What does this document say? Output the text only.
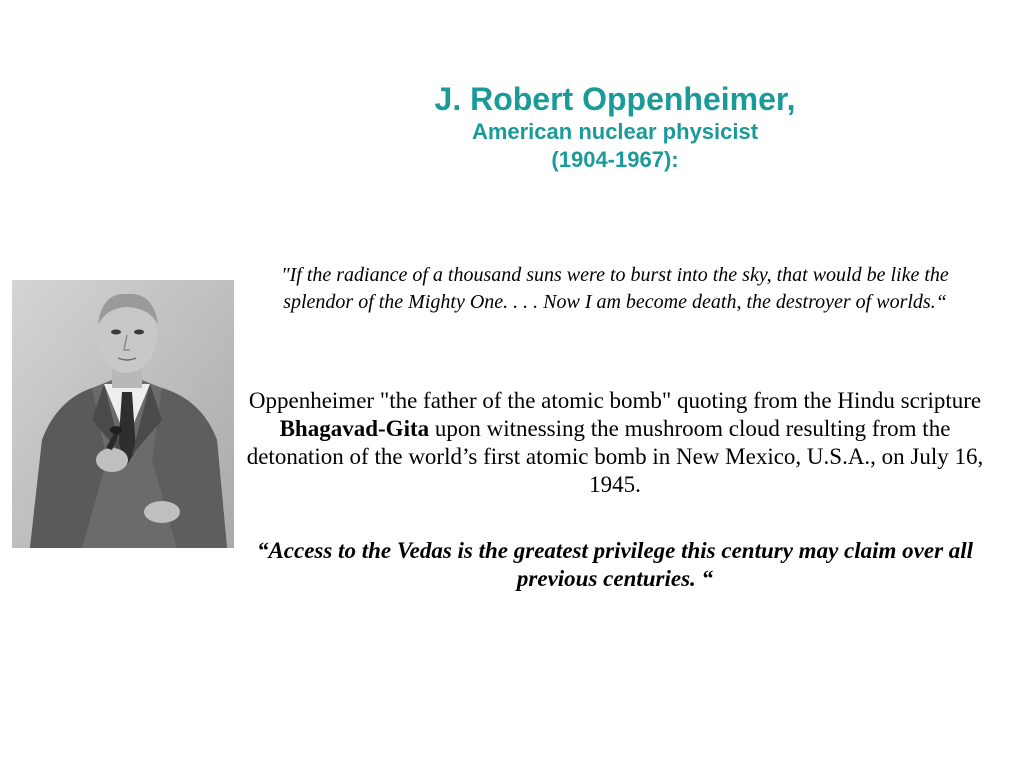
J. Robert Oppenheimer,
American nuclear physicist
(1904-1967):

"If the radiance of a thousand suns were to burst into the sky, that would be like the splendor of the Mighty One. . . . Now I am become death, the destroyer of worlds.“

Oppenheimer "the father of the atomic bomb" quoting from the Hindu scripture Bhagavad-Gita upon witnessing the mushroom cloud resulting from the detonation of the world’s first atomic bomb in New Mexico, U.S.A., on July 16, 1945.

“Access to the Vedas is the greatest privilege this century may claim over all previous centuries. “
